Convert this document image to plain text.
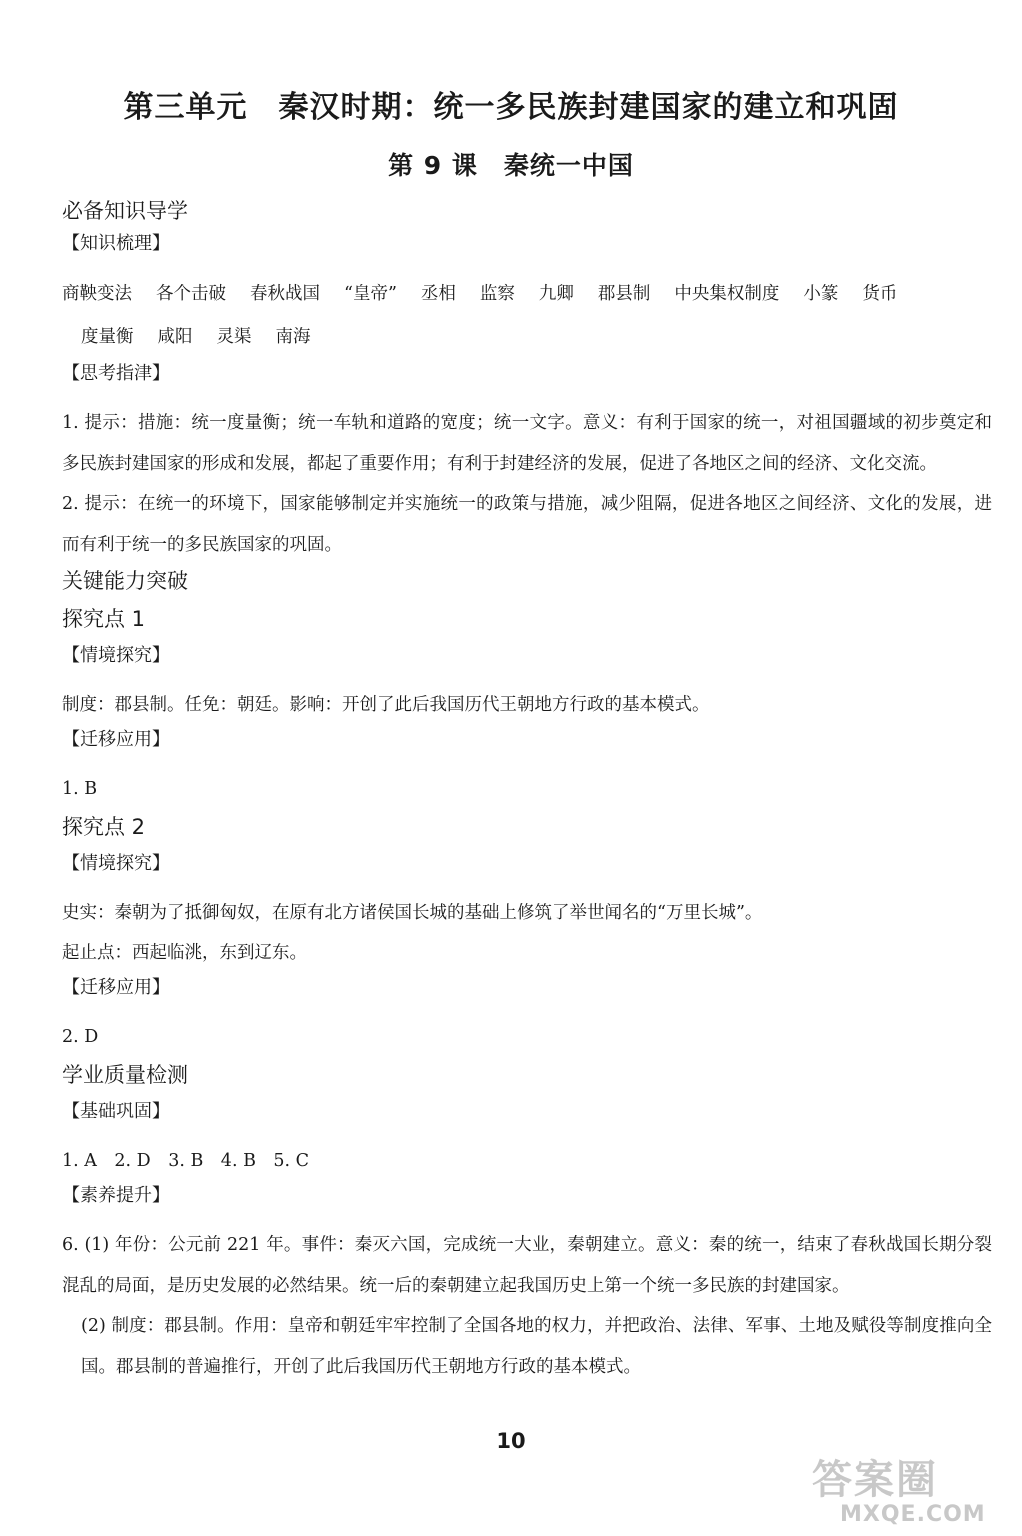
第三单元　秦汉时期：统一多民族封建国家的建立和巩固
第 9 课　秦统一中国
必备知识导学
【知识梳理】
商鞅变法 各个击破 春秋战国 “皇帝” 丞相 监察 九卿 郡县制 中央集权制度 小篆 货币
度量衡 咸阳 灵渠 南海
【思考指津】
1. 提示：措施：统一度量衡；统一车轨和道路的宽度；统一文字。意义：有利于国家的统一，对祖国疆域的初步奠定和多民族封建国家的形成和发展，都起了重要作用；有利于封建经济的发展，促进了各地区之间的经济、文化交流。
2. 提示：在统一的环境下，国家能够制定并实施统一的政策与措施，减少阻隔，促进各地区之间经济、文化的发展，进而有利于统一的多民族国家的巩固。
关键能力突破
探究点 1
【情境探究】
制度：郡县制。任免：朝廷。影响：开创了此后我国历代王朝地方行政的基本模式。
【迁移应用】
1. B
探究点 2
【情境探究】
史实：秦朝为了抵御匈奴，在原有北方诸侯国长城的基础上修筑了举世闻名的“万里长城”。
起止点：西起临洮，东到辽东。
【迁移应用】
2. D
学业质量检测
【基础巩固】
1. A　2. D　3. B　4. B　5. C
【素养提升】
6. (1) 年份：公元前 221 年。事件：秦灭六国，完成统一大业，秦朝建立。意义：秦的统一，结束了春秋战国长期分裂混乱的局面，是历史发展的必然结果。统一后的秦朝建立起我国历史上第一个统一多民族的封建国家。
(2) 制度：郡县制。作用：皇帝和朝廷牢牢控制了全国各地的权力，并把政治、法律、军事、土地及赋役等制度推向全国。郡县制的普遍推行，开创了此后我国历代王朝地方行政的基本模式。
10
答案圈
MXQE.COM
